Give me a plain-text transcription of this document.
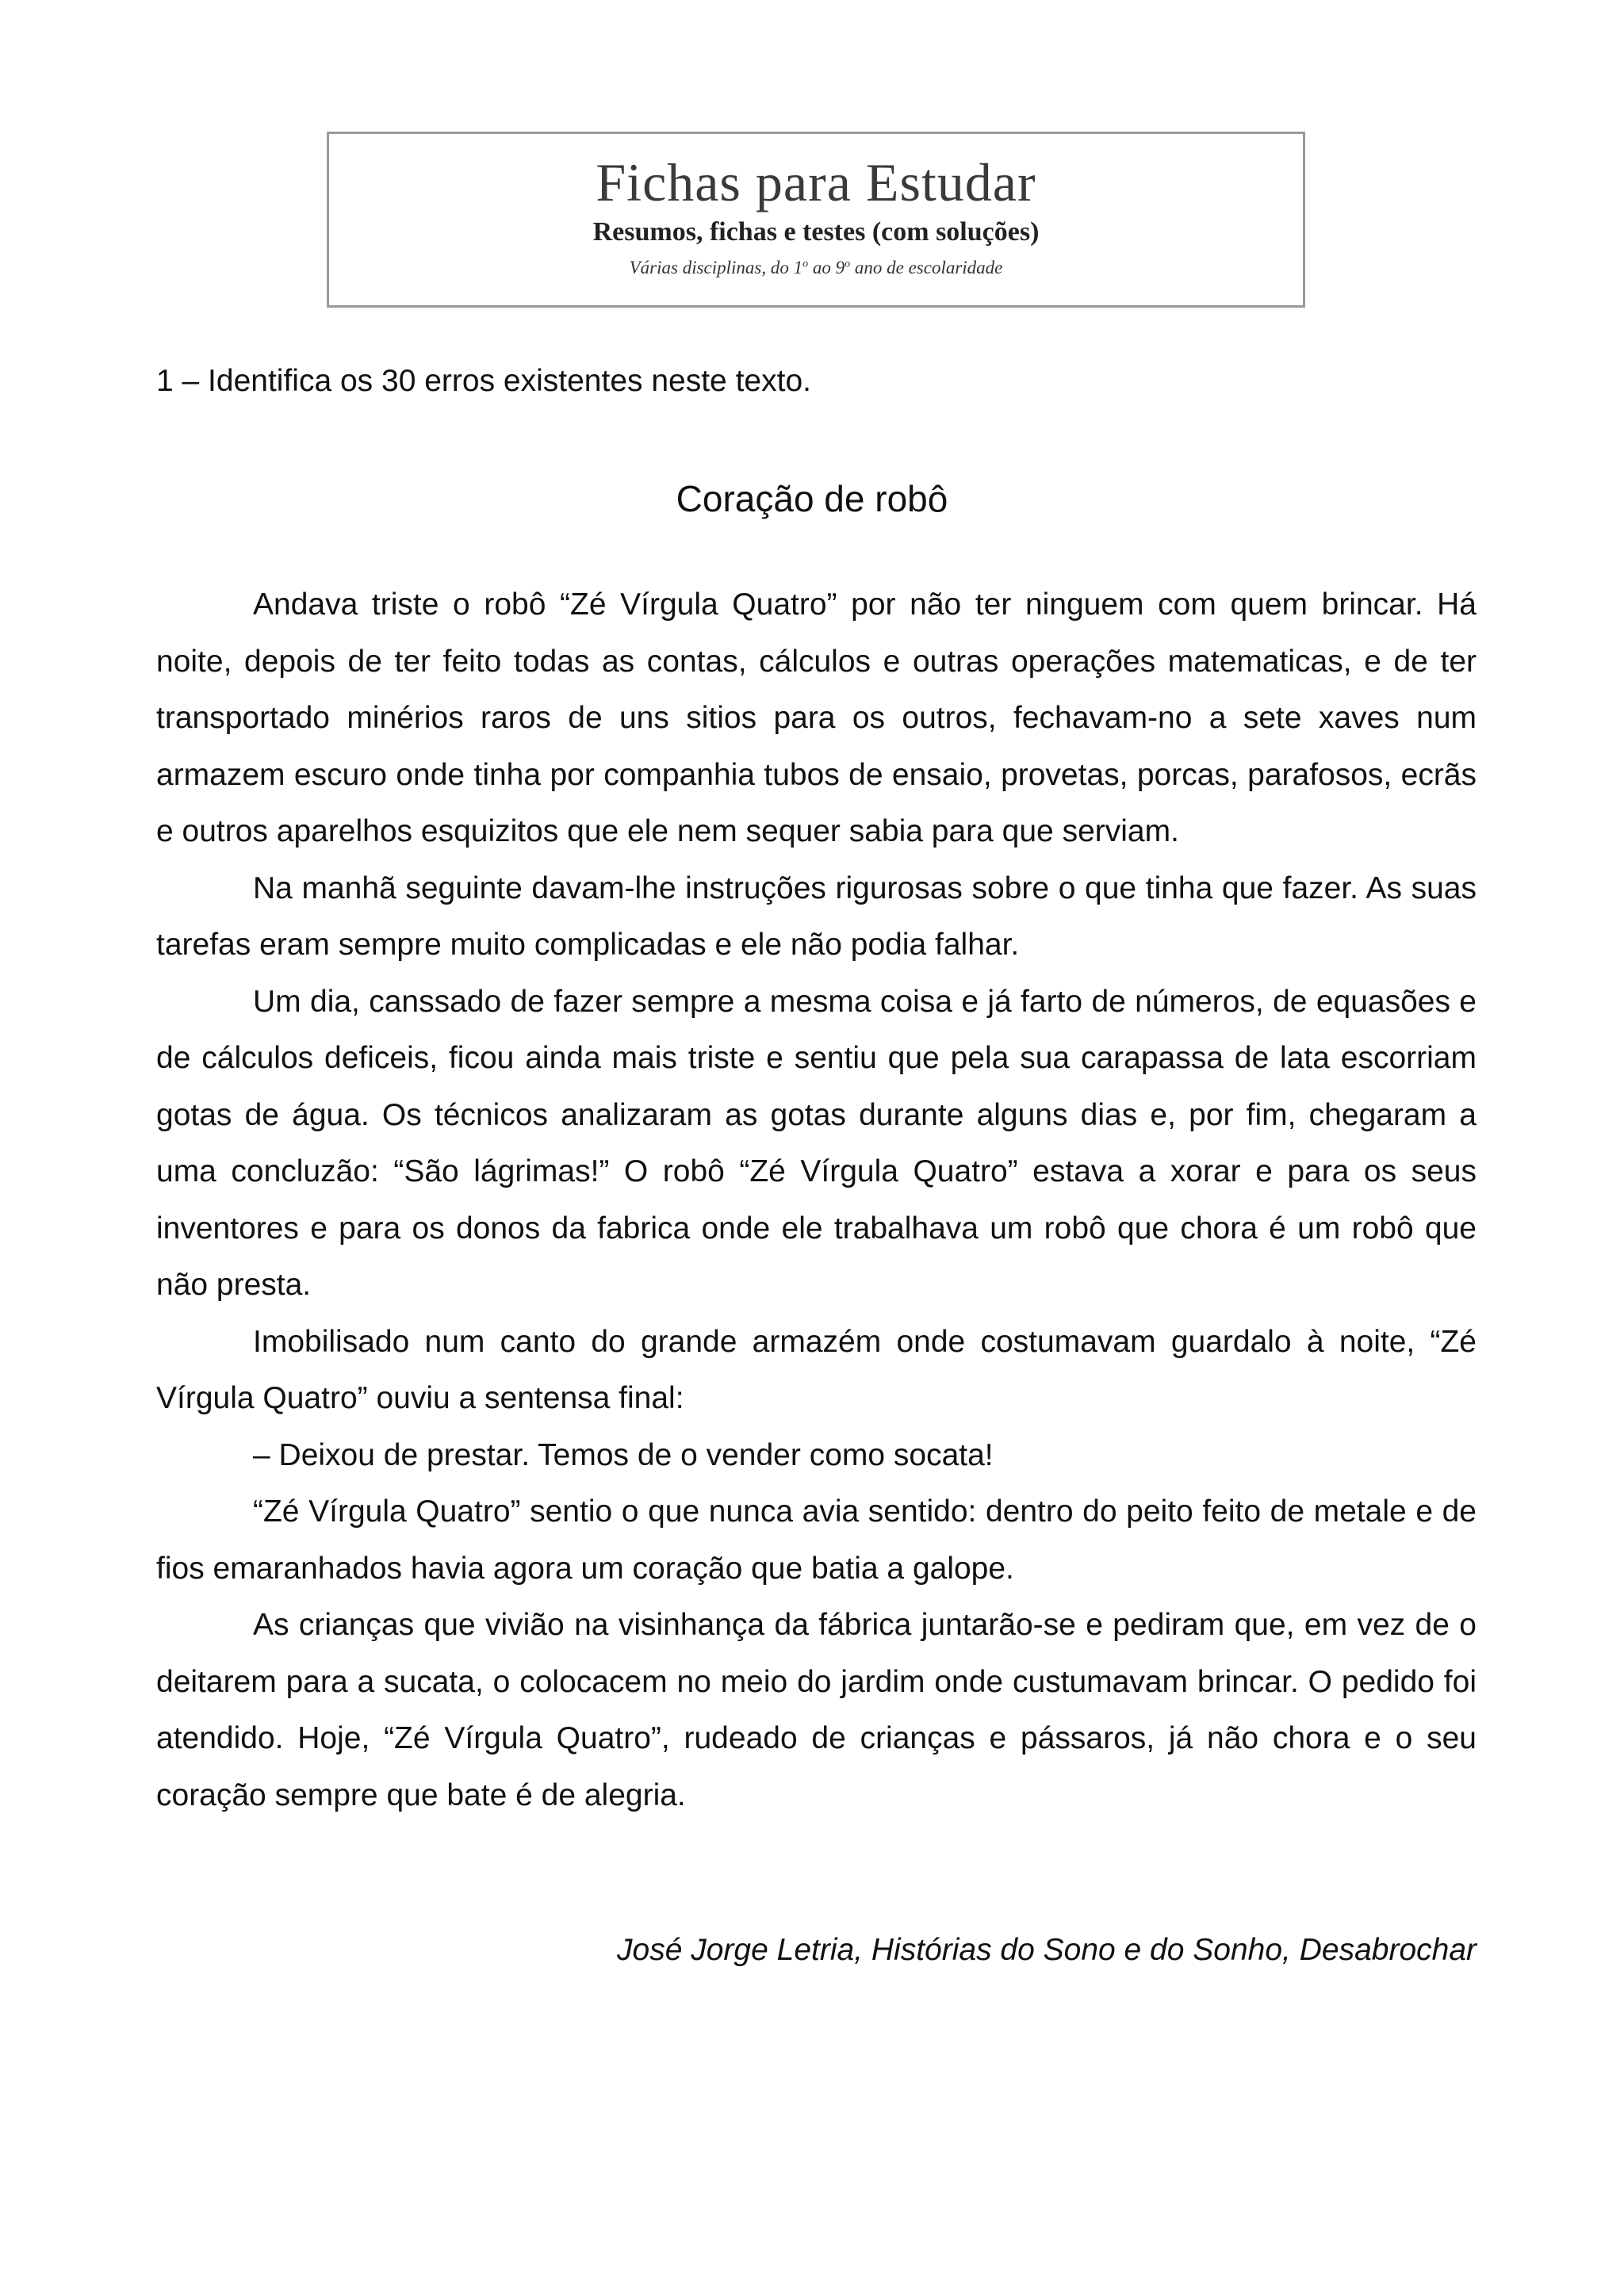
Fichas para Estudar
Resumos, fichas e testes (com soluções)
Várias disciplinas, do 1$^o$ ao 9$^o$ ano de escolaridade
1 – Identifica os 30 erros existentes neste texto.
Coração de robô

Andava triste o robô “Zé Vírgula Quatro” por não ter ninguem com quem brincar. Há noite, depois de ter feito todas as contas, cálculos e outras operações matematicas, e de ter transportado minérios raros de uns sitios para os outros, fechavam-no a sete xaves num armazem escuro onde tinha por companhia tubos de ensaio, provetas, porcas, parafosos, ecrãs e outros aparelhos esquizitos que ele nem sequer sabia para que serviam.

Na manhã seguinte davam-lhe instruções rigurosas sobre o que tinha que fazer. As suas tarefas eram sempre muito complicadas e ele não podia falhar.

Um dia, canssado de fazer sempre a mesma coisa e já farto de números, de equasões e de cálculos deficeis, ficou ainda mais triste e sentiu que pela sua carapassa de lata escorriam gotas de água. Os técnicos analizaram as gotas durante alguns dias e, por fim, chegaram a uma concluzão: “São lágrimas!” O robô “Zé Vírgula Quatro” estava a xorar e para os seus inventores e para os donos da fabrica onde ele trabalhava um robô que chora é um robô que não presta.

Imobilisado num canto do grande armazém onde costumavam guardalo à noite, “Zé Vírgula Quatro” ouviu a sentensa final:

– Deixou de prestar. Temos de o vender como socata!

“Zé Vírgula Quatro” sentio o que nunca avia sentido: dentro do peito feito de metale e de fios emaranhados havia agora um coração que batia a galope.

As crianças que vivião na visinhança da fábrica juntarão-se e pediram que, em vez de o deitarem para a sucata, o colocacem no meio do jardim onde custumavam brincar. O pedido foi atendido. Hoje, “Zé Vírgula Quatro”, rudeado de crianças e pássaros, já não chora e o seu coração sempre que bate é de alegria.

José Jorge Letria, Histórias do Sono e do Sonho, Desabrochar
